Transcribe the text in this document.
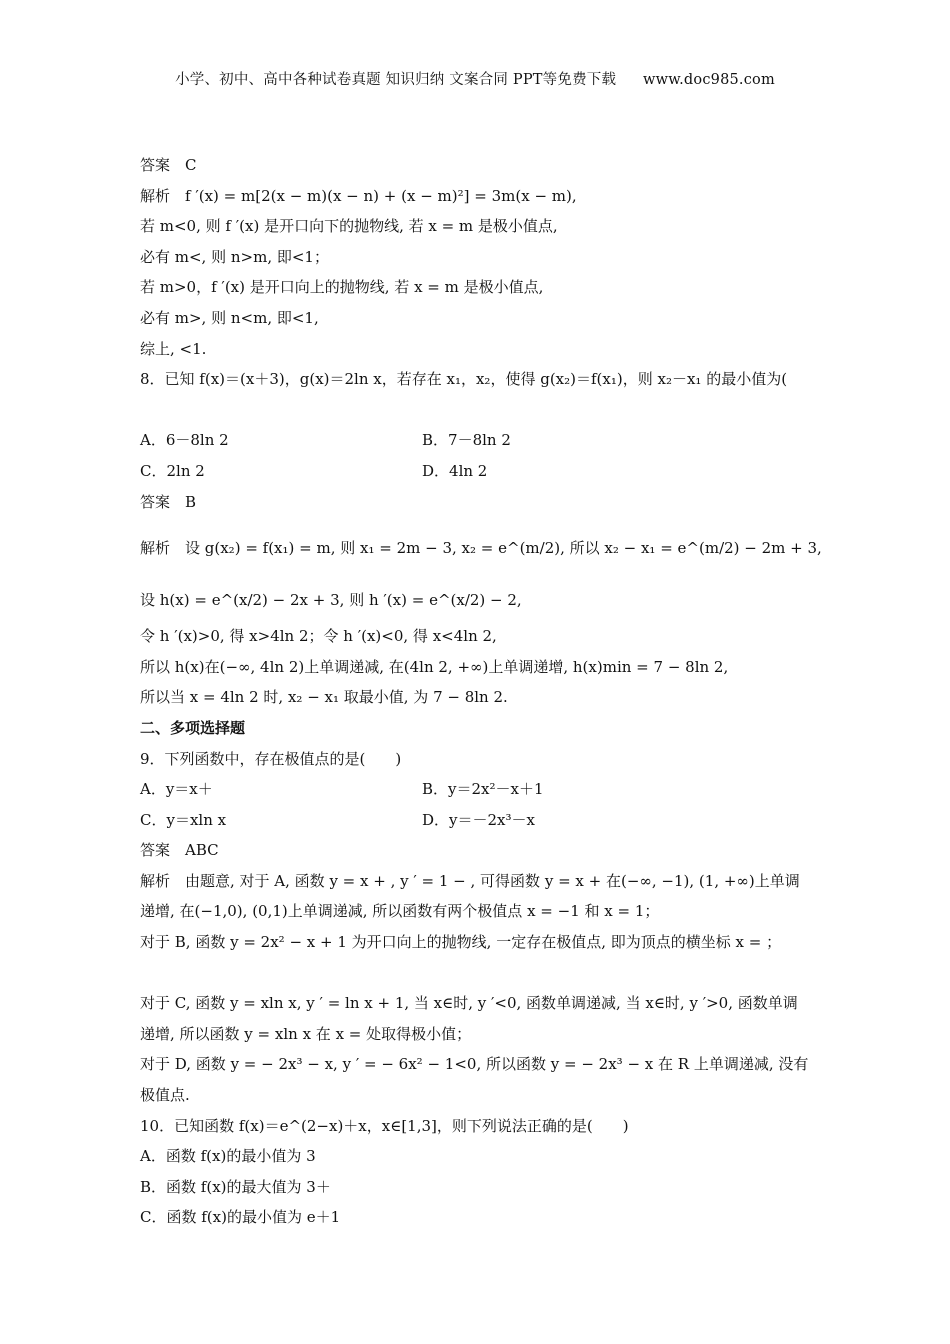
小学、初中、高中各种试卷真题 知识归纳 文案合同 PPT等免费下载 www.doc985.com
答案　C
解析　f ′(x) = m[2(x − m)(x − n) + (x − m)²] = 3m(x − m),
若 m<0, 则 f ′(x) 是开口向下的抛物线, 若 x = m 是极小值点,
必有 m<, 则 n>m, 即<1；
若 m>0，f ′(x) 是开口向上的抛物线, 若 x = m 是极小值点,
必有 m>, 则 n<m, 即<1,
综上, <1.
8．已知 f(x)＝(x＋3)，g(x)＝2ln x，若存在 x₁，x₂，使得 g(x₂)＝f(x₁)，则 x₂－x₁ 的最小值为(
A．6－8ln 2	B．7－8ln 2
C．2ln 2	D．4ln 2
答案　B
解析　设 g(x₂) = f(x₁) = m, 则 x₁ = 2m − 3, x₂ = e^(m/2), 所以 x₂ − x₁ = e^(m/2) − 2m + 3,
设 h(x) = e^(x/2) − 2x + 3, 则 h ′(x) = e^(x/2) − 2,
令 h ′(x)>0, 得 x>4ln 2；令 h ′(x)<0, 得 x<4ln 2,
所以 h(x)在(−∞, 4ln 2)上单调递减, 在(4ln 2, +∞)上单调递增, h(x)min = 7 − 8ln 2,
所以当 x = 4ln 2 时, x₂ − x₁ 取最小值, 为 7 − 8ln 2.
二、多项选择题
9．下列函数中，存在极值点的是(　　)
A．y＝x＋	B．y＝2x²－x＋1
C．y＝xln x	D．y＝－2x³－x
答案　ABC
解析　由题意, 对于 A, 函数 y = x + , y ′ = 1 − , 可得函数 y = x + 在(−∞, −1), (1, +∞)上单调递增, 在(−1,0), (0,1)上单调递减, 所以函数有两个极值点 x = −1 和 x = 1；
对于 B, 函数 y = 2x² − x + 1 为开口向上的抛物线, 一定存在极值点, 即为顶点的横坐标 x = ；
对于 C, 函数 y = xln x, y ′ = ln x + 1, 当 x∈时, y ′<0, 函数单调递减, 当 x∈时, y ′>0, 函数单调递增, 所以函数 y = xln x 在 x = 处取得极小值；
对于 D, 函数 y = − 2x³ − x, y ′ = − 6x² − 1<0, 所以函数 y = − 2x³ − x 在 R 上单调递减, 没有极值点.
10．已知函数 f(x)＝e^(2−x)＋x，x∈[1,3]，则下列说法正确的是(　　)
A．函数 f(x)的最小值为 3
B．函数 f(x)的最大值为 3＋
C．函数 f(x)的最小值为 e＋1
